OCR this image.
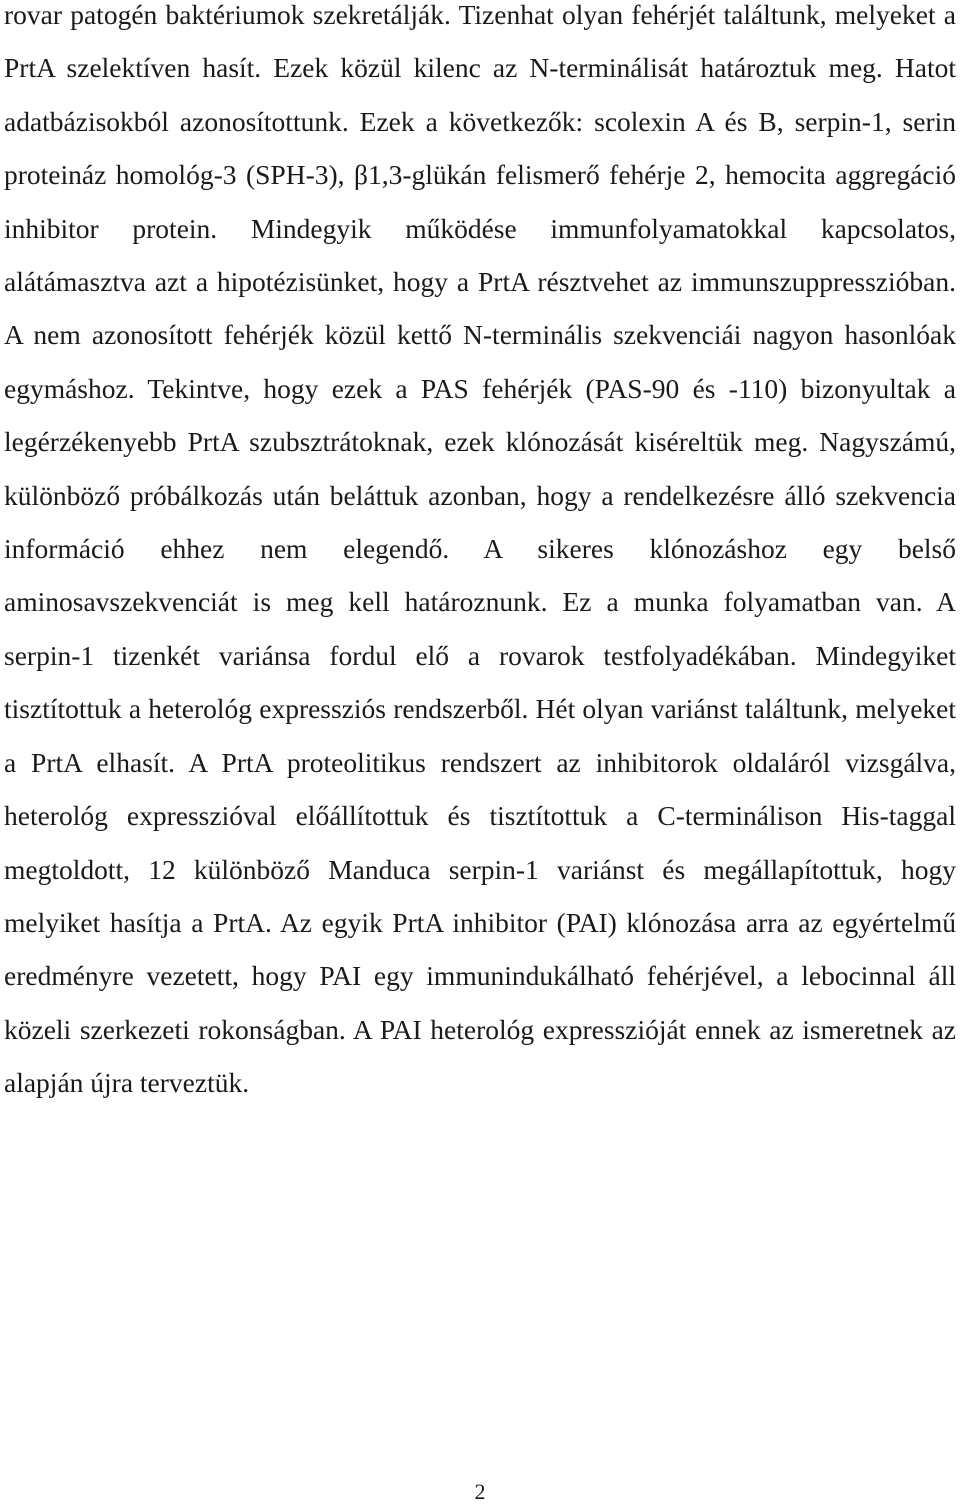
rovar patogén baktériumok szekretálják. Tizenhat olyan fehérjét találtunk, melyeket a PrtA szelektíven hasít. Ezek közül kilenc az N-terminálisát határoztuk meg. Hatot adatbázisokból azonosítottunk. Ezek a következők: scolexin A és B, serpin-1, serin proteináz homológ-3 (SPH-3), β1,3-glükán felismerő fehérje 2, hemocita aggregáció inhibitor protein. Mindegyik működése immunfolyamatokkal kapcsolatos, alátámasztva azt a hipotézisünket, hogy a PrtA résztvehet az immunszuppresszióban. A nem azonosított fehérjék közül kettő N-terminális szekvenciái nagyon hasonlóak egymáshoz. Tekintve, hogy ezek a PAS fehérjék (PAS-90 és -110) bizonyultak a legérzékenyebb PrtA szubsztrátoknak, ezek klónozását kiséreltük meg. Nagyszámú, különböző próbálkozás után beláttuk azonban, hogy a rendelkezésre álló szekvencia információ ehhez nem elegendő. A sikeres klónozáshoz egy belső aminosavszekvenciát is meg kell határoznunk. Ez a munka folyamatban van. A serpin-1 tizenkét variánsa fordul elő a rovarok testfolyadékában. Mindegyiket tisztítottuk a heterológ expressziós rendszerből. Hét olyan variánst találtunk, melyeket a PrtA elhasít. A PrtA proteolitikus rendszert az inhibitorok oldaláról vizsgálva, heterológ expresszióval előállítottuk és tisztítottuk a C-terminálison His-taggal megtoldott, 12 különböző Manduca serpin-1 variánst és megállapítottuk, hogy melyiket hasítja a PrtA. Az egyik PrtA inhibitor (PAI) klónozása arra az egyértelmű eredményre vezetett, hogy PAI egy immunindukálható fehérjével, a lebocinnal áll közeli szerkezeti rokonságban. A PAI heterológ expresszióját ennek az ismeretnek az alapján újra terveztük.

2
